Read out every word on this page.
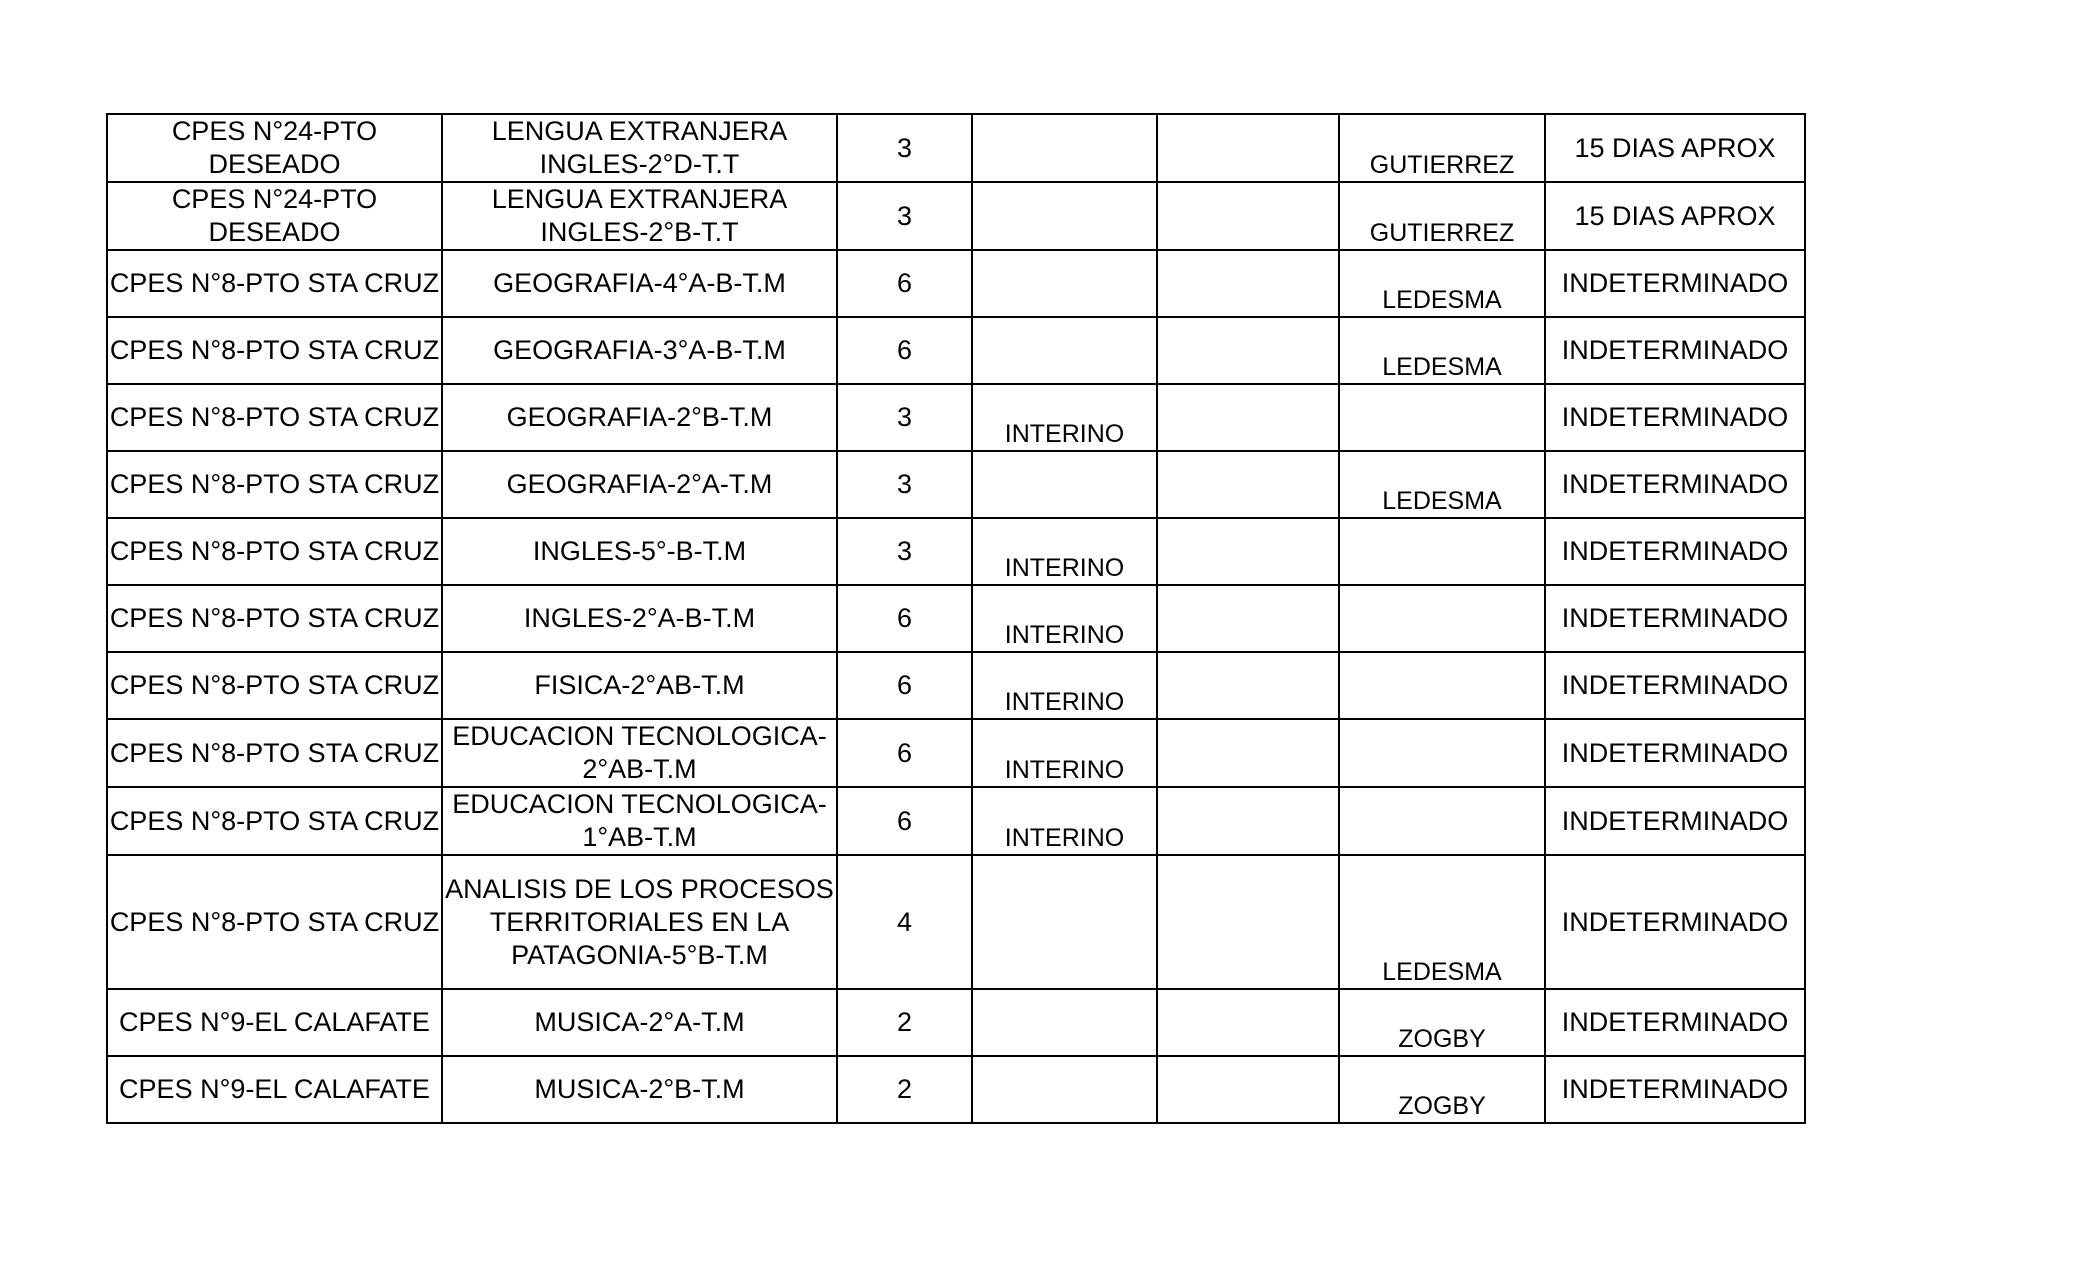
CPES N°24-PTO DESEADO	LENGUA EXTRANJERA INGLES-2°D-T.T	3			GUTIERREZ	15 DIAS APROX

CPES N°24-PTO DESEADO	LENGUA EXTRANJERA INGLES-2°B-T.T	3			GUTIERREZ	15 DIAS APROX

CPES N°8-PTO STA CRUZ	GEOGRAFIA-4°A-B-T.M	6			LEDESMA	INDETERMINADO

CPES N°8-PTO STA CRUZ	GEOGRAFIA-3°A-B-T.M	6			LEDESMA	INDETERMINADO

CPES N°8-PTO STA CRUZ	GEOGRAFIA-2°B-T.M	3	INTERINO			INDETERMINADO

CPES N°8-PTO STA CRUZ	GEOGRAFIA-2°A-T.M	3			LEDESMA	INDETERMINADO

CPES N°8-PTO STA CRUZ	INGLES-5°-B-T.M	3	INTERINO			INDETERMINADO

CPES N°8-PTO STA CRUZ	INGLES-2°A-B-T.M	6	INTERINO			INDETERMINADO

CPES N°8-PTO STA CRUZ	FISICA-2°AB-T.M	6	INTERINO			INDETERMINADO

CPES N°8-PTO STA CRUZ	EDUCACION TECNOLOGICA-2°AB-T.M	6	INTERINO			INDETERMINADO

CPES N°8-PTO STA CRUZ	EDUCACION TECNOLOGICA-1°AB-T.M	6	INTERINO			INDETERMINADO

CPES N°8-PTO STA CRUZ	ANALISIS DE LOS PROCESOS TERRITORIALES EN LA PATAGONIA-5°B-T.M	4			LEDESMA	INDETERMINADO

CPES N°9-EL CALAFATE	MUSICA-2°A-T.M	2			ZOGBY	INDETERMINADO

CPES N°9-EL CALAFATE	MUSICA-2°B-T.M	2			ZOGBY	INDETERMINADO
